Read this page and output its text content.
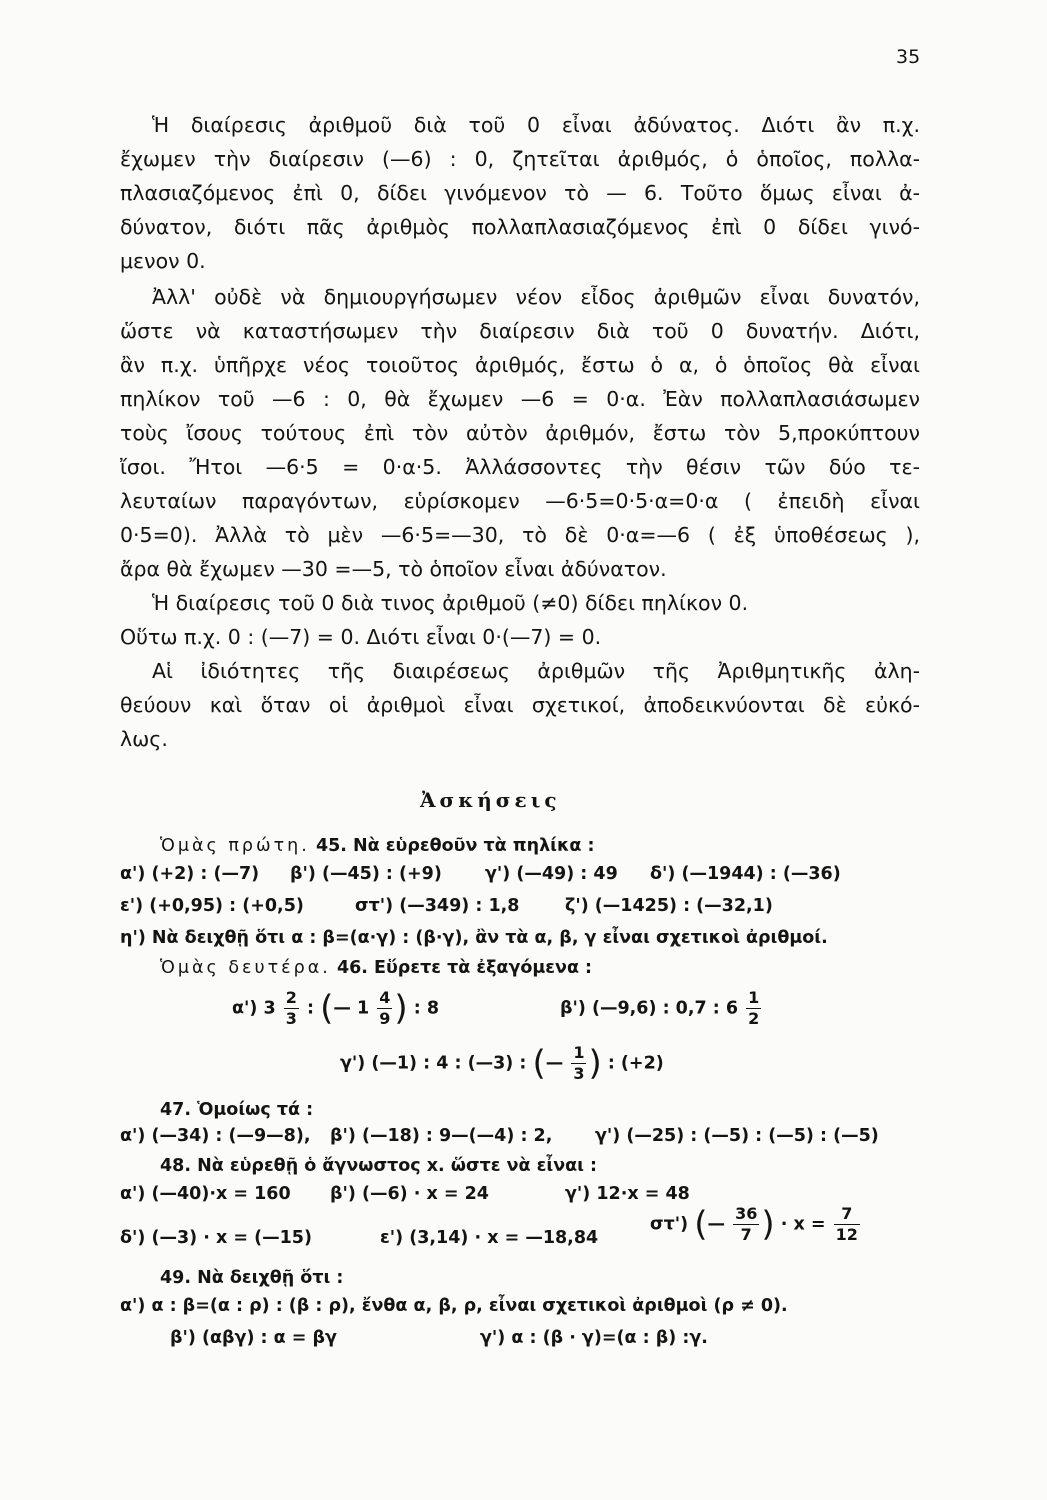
35
Ἡ διαίρεσις ἀριθμοῦ διὰ τοῦ 0 εἶναι ἀδύνατος. Διότι ἂν π.χ.
ἔχωμεν τὴν διαίρεσιν (—6) : 0, ζητεῖται ἀριθμός, ὁ ὁποῖος, πολλα-
πλασιαζόμενος ἐπὶ 0, δίδει γινόμενον τὸ — 6. Τοῦτο ὅμως εἶναι ἀ-
δύνατον, διότι πᾶς ἀριθμὸς πολλαπλασιαζόμενος ἐπὶ 0 δίδει γινό-
μενον 0.
Ἀλλ' οὐδὲ νὰ δημιουργήσωμεν νέον εἶδος ἀριθμῶν εἶναι δυνατόν,
ὥστε νὰ καταστήσωμεν τὴν διαίρεσιν διὰ τοῦ 0 δυνατήν. Διότι,
ἂν π.χ. ὑπῆρχε νέος τοιοῦτος ἀριθμός, ἔστω ὁ α, ὁ ὁποῖος θὰ εἶναι
πηλίκον τοῦ —6 : 0, θὰ ἔχωμεν —6 = 0·α. Ἐὰν πολλαπλασιάσωμεν
τοὺς ἴσους τούτους ἐπὶ τὸν αὐτὸν ἀριθμόν, ἔστω τὸν 5,προκύπτουν
ἴσοι. Ἤτοι —6·5 = 0·α·5. Ἀλλάσσοντες τὴν θέσιν τῶν δύο τε-
λευταίων παραγόντων, εὑρίσκομεν —6·5=0·5·α=0·α ( ἐπειδὴ εἶναι
0·5=0). Ἀλλὰ τὸ μὲν —6·5=—30, τὸ δὲ 0·α=—6 ( ἐξ ὑποθέσεως ),
ἄρα θὰ ἔχωμεν —30 =—5, τὸ ὁποῖον εἶναι ἀδύνατον.
Ἡ διαίρεσις τοῦ 0 διὰ τινος ἀριθμοῦ (≠0) δίδει πηλίκον 0.
Οὕτω π.χ. 0 : (—7) = 0. Διότι εἶναι 0·(—7) = 0.
Αἱ ἰδιότητες τῆς διαιρέσεως ἀριθμῶν τῆς Ἀριθμητικῆς ἀλη-
θεύουν καὶ ὅταν οἱ ἀριθμοὶ εἶναι σχετικοί, ἀποδεικνύονται δὲ εὐκό-
λως.
Ἀσκήσεις
Ὁμὰς πρώτη. 45. Νὰ εὑρεθοῦν τὰ πηλίκα :
α') (+2) : (—7) β') (—45) : (+9) γ') (—49) : 49 δ') (—1944) : (—36)
ε') (+0,95) : (+0,5)	στ') (—349) : 1,8	ζ') (—1425) : (—32,1)
η') Νὰ δειχθῇ ὅτι α : β=(α·γ) : (β·γ), ἂν τὰ α, β, γ εἶναι σχετικοὶ ἀριθμοί.
Ὁμὰς δευτέρα. 46. Εὕρετε τὰ ἐξαγόμενα :
α') $3 \frac{2}{3}$ : (— $1 \frac{4}{9}$ ) : 8	β') (—9,6) : 0,7 : $6 \frac{1}{2}$
γ') (—1) : 4 : (—3) : (— $\frac{1}{3}$ ) : (+2)
47. Ὁμοίως τά :
α') (—34) : (—9—8), β') (—18) : 9—(—4) : 2, γ') (—25) : (—5) : (—5) : (—5)
48. Νὰ εὑρεθῇ ὁ ἄγνωστος x. ὥστε νὰ εἶναι :
α') (—40)·x = 160 β') (—6) · x = 24	γ') 12·x = 48
δ') (—3) · x = (—15)	ε') (3,14) · x = —18,84
στ') (— $\frac{36}{7}$ ) · $x = \frac{7}{12}$
49. Νὰ δειχθῇ ὅτι :
α') α : β=(α : ρ) : (β : ρ), ἔνθα α, β, ρ, εἶναι σχετικοὶ ἀριθμοὶ (ρ ≠ 0).
β') (αβγ) : α = βγ	γ') α : (β · γ)=(α : β) :γ.
